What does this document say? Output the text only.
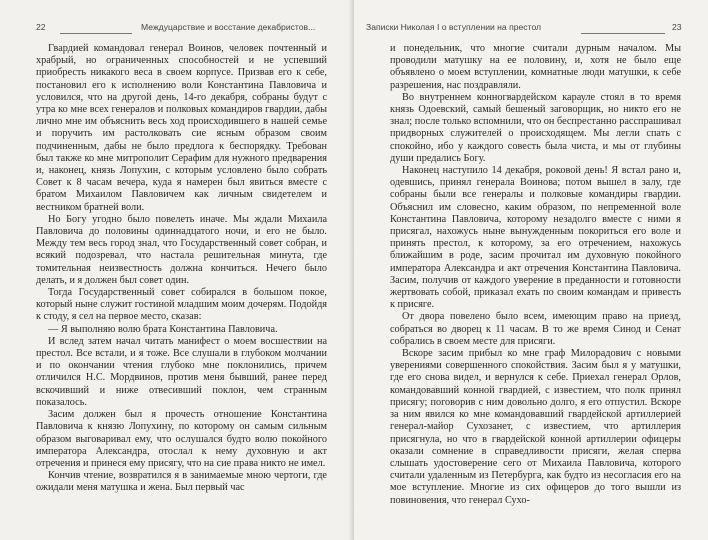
22	Междуцарствие и восстание декабристов...

Гвардией командовал генерал Воинов, человек почтенный и храбрый, но ограниченных способностей и не успевший приобресть никакого веса в своем корпусе. Призвав его к себе, постановил его к исполнению воли Константина Павловича и условился, что на другой день, 14-го декабря, собраны будут с утра ко мне всех генералов и полковых командиров гвардии, дабы лично мне им объяснить весь ход происходившего в нашей семье и поручить им растолковать сие ясным образом своим подчиненным, дабы не было предлога к беспорядку. Требован был также ко мне митрополит Серафим для нужного предварения и, наконец, князь Лопухин, с которым условлено было собрать Совет к 8 часам вечера, куда я намерен был явиться вместе с братом Михаилом Павловичем как личным свидетелем и вестником братней воли.

Но Богу угодно было повелеть иначе. Мы ждали Михаила Павловича до половины одиннадцатого ночи, и его не было. Между тем весь город знал, что Государственный совет собран, и всякий подозревал, что настала решительная минута, где томительная неизвестность должна кончиться. Нечего было делать, и я должен был совет один.

Тогда Государственный совет собирался в большом покое, который ныне служит гостиной младшим моим дочерям. Подойдя к стоду, я сел на первое место, сказав:

— Я выполняю волю брата Константина Павловича.

И вслед затем начал читать манифест о моем восшествии на престол. Все встали, и я тоже. Все слушали в глубоком молчании и по окончании чтения глубоко мне поклонились, причем отличился Н.С. Мордвинов, против меня бывший, ранее перед вскочивший и ниже отвесивший поклон, чем странным показалось.

Засим должен был я прочесть отношение Константина Павловича к князю Лопухину, по которому он самым сильным образом выговаривал ему, что ослушался будто волю покойного императора Александра, отослал к нему духовную и акт отречения и принеся ему присягу, что на сие права никто не имел.

Кончив чтение, возвратился я в занимаемые мною чертоги, где ожидали меня матушка и жена. Был первый час

Записки Николая I о вступлении на престол	23

и понедельник, что многие считали дурным началом. Мы проводили матушку на ее половину, и, хотя не было еще объявлено о моем вступлении, комнатные люди матушки, к себе разрешения, нас поздравляли.

Во внутреннем конногвардейском карауле стоял в то время князь Одоевский, самый бешеный заговорщик, но никто его не знал; после только вспомнили, что он беспрестанно расспрашивал придворных служителей о происходящем. Мы легли спать с спокойно, ибо у каждого совесть была чиста, и мы от глубины души предались Богу.

Наконец наступило 14 декабря, роковой день! Я встал рано и, одевшись, принял генерала Воинова; потом вышел в залу, где собраны были все генералы и полковые командиры гвардии. Объяснил им словесно, каким образом, по непременной воле Константина Павловича, которому незадолго вместе с ними я присягал, нахожусь ныне вынужденным покориться его воле и принять престол, к которому, за его отречением, нахожусь ближайшим в роде, засим прочитал им духовную покойного императора Александра и акт отречения Константина Павловича. Засим, получив от каждого уверение в преданности и готовности жертвовать собой, приказал ехать по своим командам и привесть к присяге.

От двора повелено было всем, имеющим право на приезд, собраться во дворец к 11 часам. В то же время Синод и Сенат собрались в своем месте для присяги.

Вскоре засим прибыл ко мне граф Милорадович с новыми уверениями совершенного спокойствия. Засим был я у матушки, где его снова видел, и вернулся к себе. Приехал генерал Орлов, командовавший конной гвардией, с известием, что полк принял присягу; поговорив с ним довольно долго, я его отпустил. Вскоре за ним явился ко мне командовавший гвардейской артиллерией генерал-майор Сухозанет, с известием, что артиллерия присягнула, но что в гвардейской конной артиллерии офицеры оказали сомнение в справедливости присяги, желая сперва слышать удостоверение сего от Михаила Павловича, которого считали удаленным из Петербурга, как будто из несогласия его на мое вступление. Многие из сих офицеров до того вышли из повиновения, что генерал Сухо-
